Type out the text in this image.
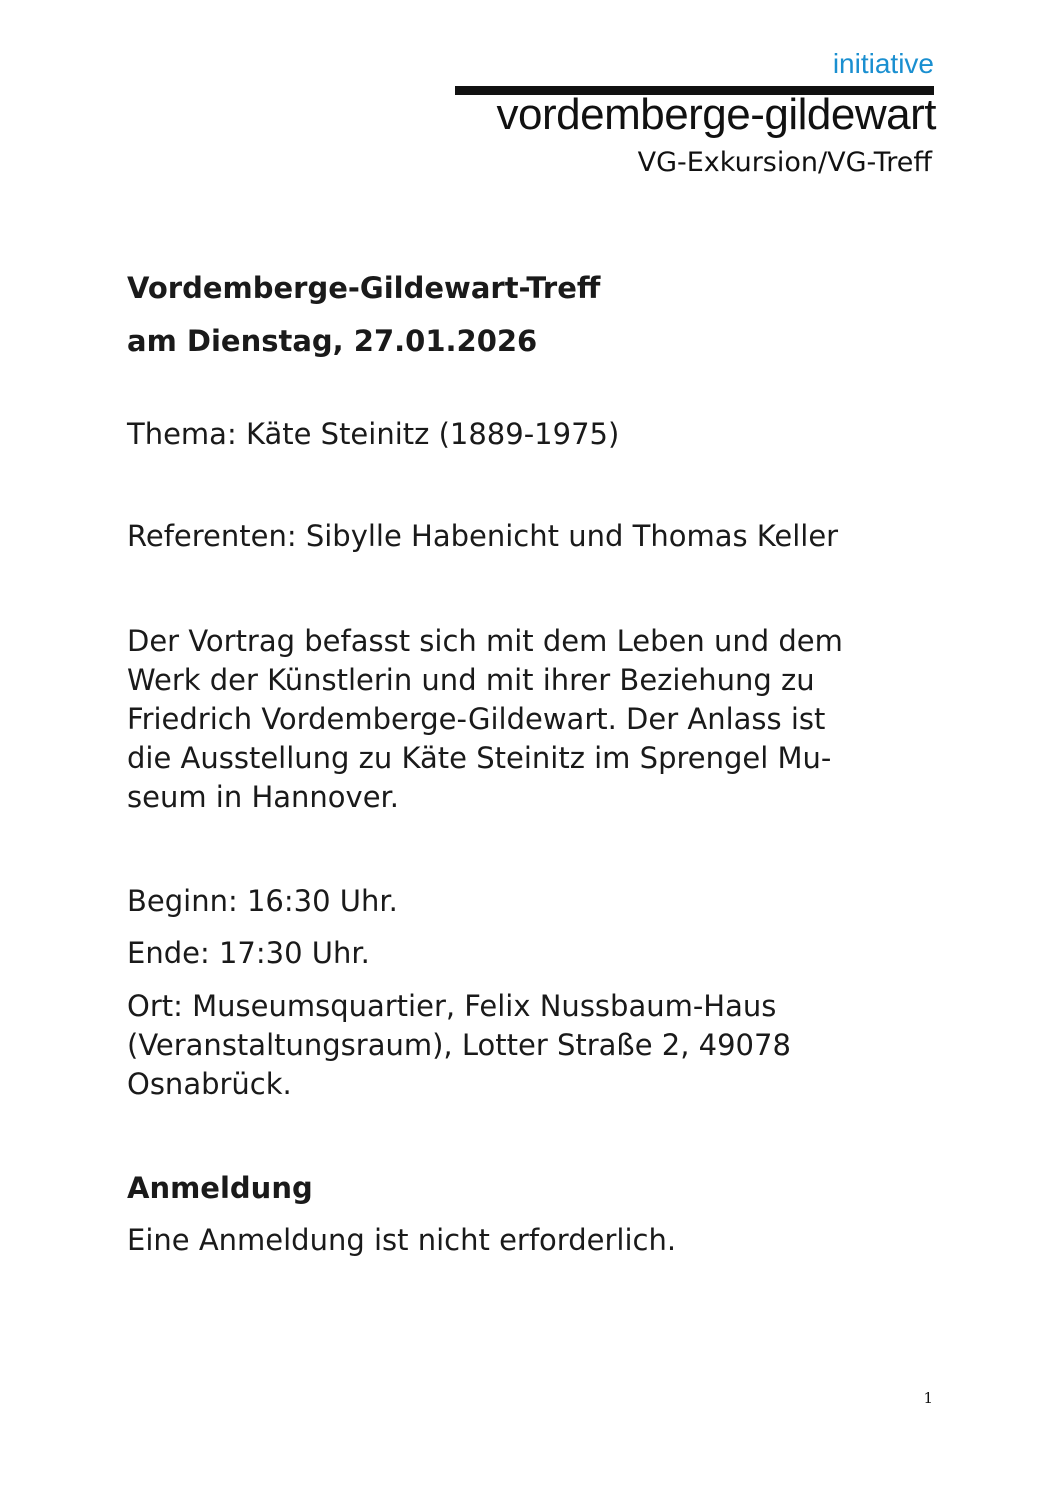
initiative
vordemberge-gildewart
VG-Exkursion/VG-Treff
Vordemberge-Gildewart-Treff
am Dienstag, 27.01.2026
Thema: Käte Steinitz (1889-1975)
Referenten: Sibylle Habenicht und Thomas Keller
Der Vortrag befasst sich mit dem Leben und dem
Werk der Künstlerin und mit ihrer Beziehung zu
Friedrich Vordemberge-Gildewart. Der Anlass ist
die Ausstellung zu Käte Steinitz im Sprengel Mu-
seum in Hannover.
Beginn: 16:30 Uhr.
Ende: 17:30 Uhr.
Ort: Museumsquartier, Felix Nussbaum-Haus
(Veranstaltungsraum), Lotter Straße 2, 49078
Osnabrück.
Anmeldung
Eine Anmeldung ist nicht erforderlich.
1
